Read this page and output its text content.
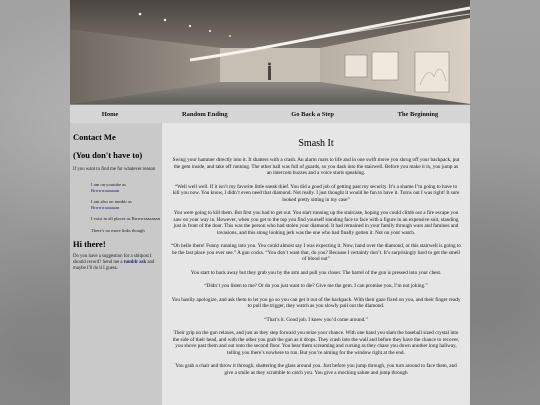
Home	Random Ending	Go Back a Step	The Beginning
Contact Me
(You don't have to)

If you want to find me for whatever reason

I am on youtube as
Brrrrrrraaaaaan

I am also on tumblr as
Brrrrrrraaaaaan

I exist in all places as Brrrrrrraaaaaan

There's no more links though

Hi there!

Do you have a suggestion for a shitpost I should record? Send me a tumblr ask and maybe I'll do it I guess.

Smash It

Swing your hammer directly into it. It shatters with a crash. An alarm roars to life and in one swift move you shrug off your backpack, put the gem inside, and take off running. The other hall was full of guards, so you dash into the stairwell. Before you make it in, you jump as an intercom buzzes and a voice starts speaking.

“Well well well. If it isn’t my favorite little sneak thief. You did a good job of getting past my security. It’s a shame I’m going to have to kill you now. You know, I didn’t even need that diamond. Not really. I just thought it would be fun to have it. Turns out I was right! It sure looked pretty sitting in my case”

You were going to kill them. But first you had to get out. You start running up the staircase, hoping you could climb out a fire escape you saw on your way in. However, when you get to the top you find yourself standing face to face with a figure in an expensive suit, standing just in front of the door. This was the person who had stolen your diamond. It had remained in your family through wars and famines and invasions, and this smug looking jerk was the one who had finally gotten it. Not on your watch.

“Oh hello there! Funny running into you. You could almost say I was expecting it. Now, hand over the diamond, or this stairwell is going to be the last place you ever see.” A gun cocks. “You don’t want that, do you? Because I certainly don’t. It’s surprisingly hard to get the smell of blood out”

You start to back away but they grab you by the arm and pull you closer. The barrel of the gun is pressed into your chest.

“Didn’t you listen to me? Or do you just want to die? Give me the gem. I can promise you, I’m not joking.”

You hastily apologize, and ask them to let you go so you can get it out of the backpack. With their gaze fixed on you, and their finger ready to pull the trigger, they watch as you slowly pull out the diamond.

“That’s it. Good job. I knew you’d come around.”

Their grip on the gun relaxes, and just as they step forward you seize your chance. With one hand you slam the baseball sized crystal into the side of their head, and with the other you grab the gun as it drops. They crash into the wall and before they have the chance to recover, you shove past them and out onto the second floor. You hear them screaming and cursing as they chase you down another long hallway, telling you there’s nowhere to run. But you’re aiming for the window right at the end.

You grab a chair and throw it through, shattering the glass around you. Just before you jump through, you turn around to face them, and give a smile as they scramble to catch you. You give a mocking salute and jump through
